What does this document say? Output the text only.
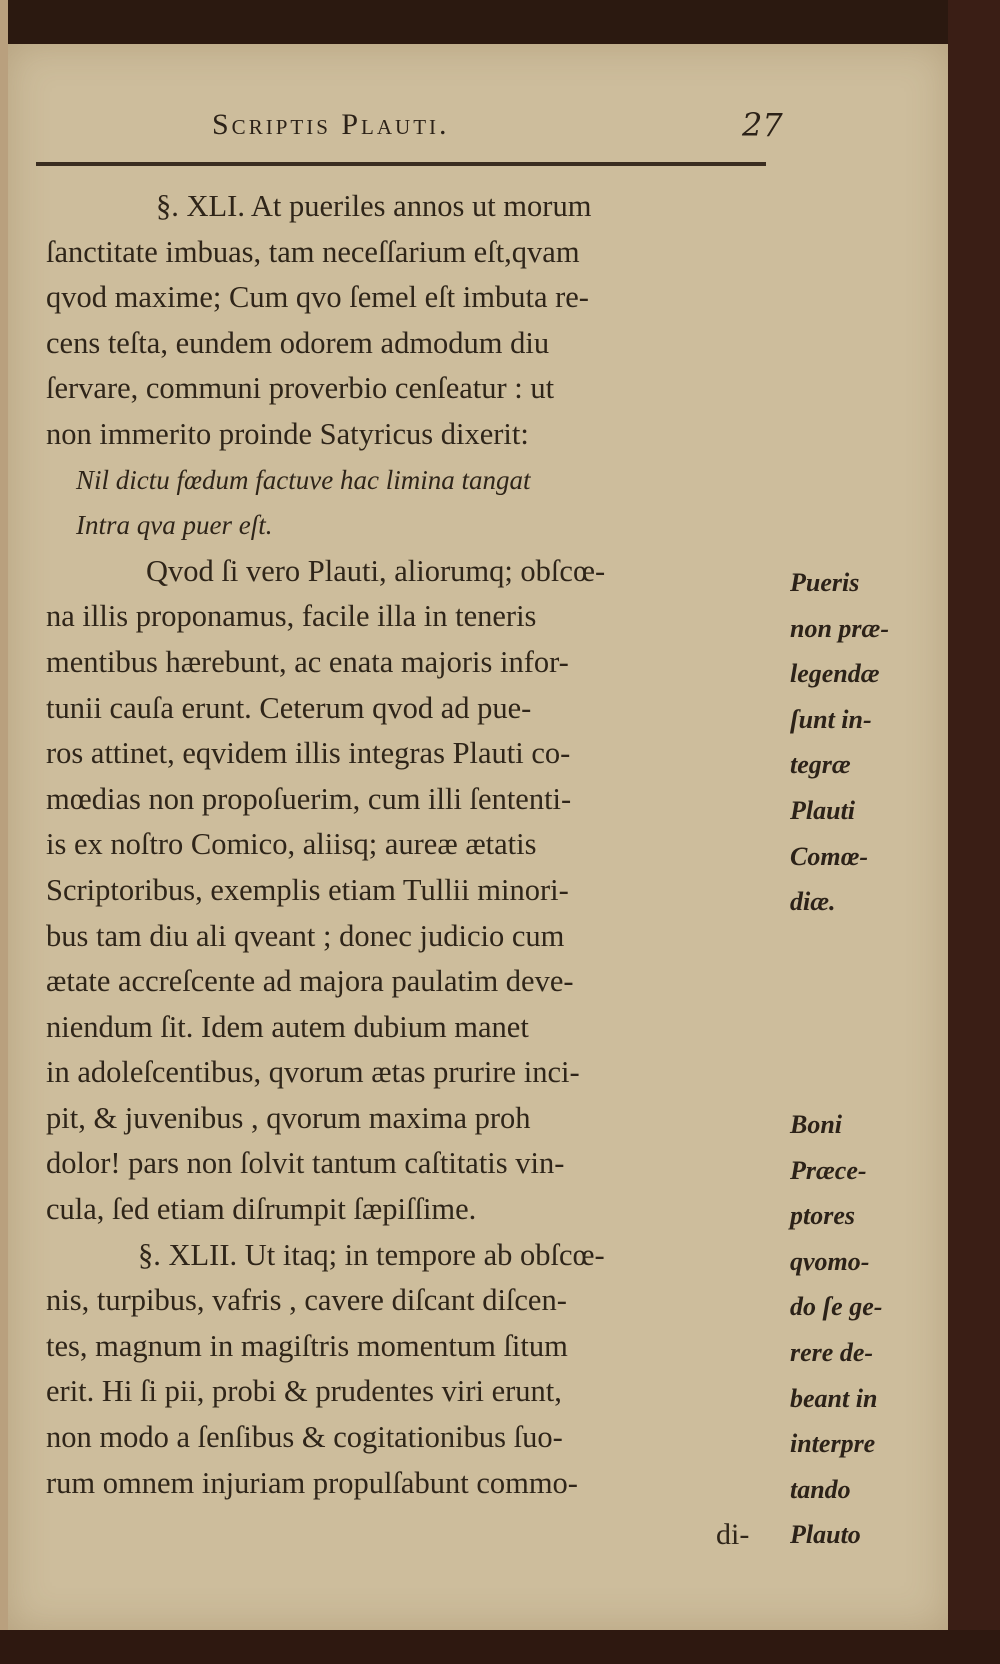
Scriptis Plauti.	27
§. XLI. At pueriles annos ut morum
ſanctitate imbuas, tam neceſſarium eſt,qvam
qvod maxime; Cum qvo ſemel eſt imbuta re-
cens teſta, eundem odorem admodum diu
ſervare, communi proverbio cenſeatur : ut
non immerito proinde Satyricus dixerit:
Nil dictu fœdum factuve hac limina tangat
Intra qva puer eſt.
Qvod ſi vero Plauti, aliorumq; obſcœ-
na illis proponamus, facile illa in teneris
mentibus hærebunt, ac enata majoris infor-
tunii cauſa erunt. Ceterum qvod ad pue-
ros attinet, eqvidem illis integras Plauti co-
mœdias non propoſuerim, cum illi ſententi-
is ex noſtro Comico, aliisq; aureæ ætatis
Scriptoribus, exemplis etiam Tullii minori-
bus tam diu ali qveant ; donec judicio cum
ætate accreſcente ad majora paulatim deve-
niendum ſit. Idem autem dubium manet
in adoleſcentibus, qvorum ætas prurire inci-
pit, & juvenibus , qvorum maxima proh
dolor! pars non ſolvit tantum caſtitatis vin-
cula, ſed etiam diſrumpit ſæpiſſime.
§. XLII. Ut itaq; in tempore ab obſcœ-
nis, turpibus, vafris , cavere diſcant diſcen-
tes, magnum in magiſtris momentum ſitum
erit. Hi ſi pii, probi & prudentes viri erunt,
non modo a ſenſibus & cogitationibus ſuo-
rum omnem injuriam propulſabunt commo-
Pueris
non præ-
legendæ
ſunt in-
tegræ
Plauti
Comœ-
diæ.
Boni
Præce-
ptores
qvomo-
do ſe ge-
rere de-
beant in
interpre
tando
Plauto
di-
